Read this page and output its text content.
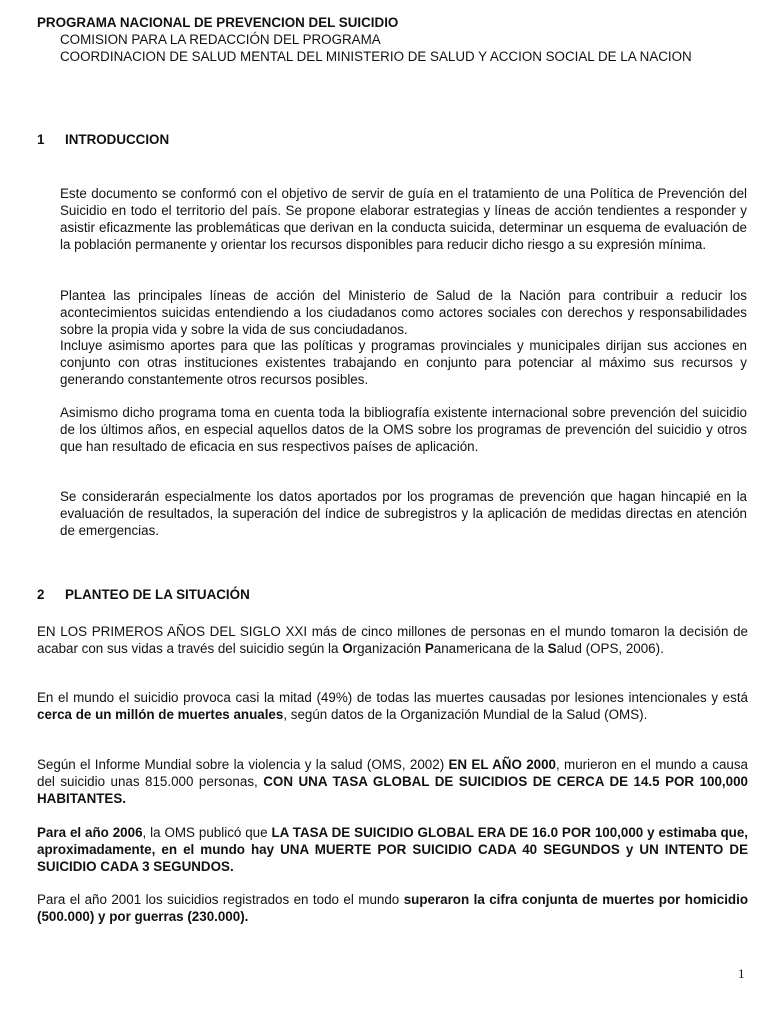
PROGRAMA NACIONAL DE PREVENCION DEL SUICIDIO
COMISION PARA LA REDACCIÓN DEL PROGRAMA
COORDINACION DE SALUD MENTAL DEL MINISTERIO DE SALUD Y ACCION SOCIAL DE LA NACION
1 INTRODUCCION

Este documento se conformó con el objetivo de servir de guía en el tratamiento de una Política de Prevención del Suicidio en todo el territorio del país. Se propone elaborar estrategias y líneas de acción tendientes a responder y asistir eficazmente las problemáticas que derivan en la conducta suicida, determinar un esquema de evaluación de la población permanente y orientar los recursos disponibles para reducir dicho riesgo a su expresión mínima.

Plantea las principales líneas de acción del Ministerio de Salud de la Nación para contribuir a reducir los acontecimientos suicidas entendiendo a los ciudadanos como actores sociales con derechos y responsabilidades sobre la propia vida y sobre la vida de sus conciudadanos.

Incluye asimismo aportes para que las políticas y programas provinciales y municipales dirijan sus acciones en conjunto con otras instituciones existentes trabajando en conjunto para potenciar al máximo sus recursos y generando constantemente otros recursos posibles.

Asimismo dicho programa toma en cuenta toda la bibliografía existente internacional sobre prevención del suicidio de los últimos años, en especial aquellos datos de la OMS sobre los programas de prevención del suicidio y otros que han resultado de eficacia en sus respectivos países de aplicación.

Se considerarán especialmente los datos aportados por los programas de prevención que hagan hincapié en la evaluación de resultados, la superación del índice de subregistros y la aplicación de medidas directas en atención de emergencias.

2 PLANTEO DE LA SITUACIÓN

EN LOS PRIMEROS AÑOS DEL SIGLO XXI más de cinco millones de personas en el mundo tomaron la decisión de acabar con sus vidas a través del suicidio según la Organización Panamericana de la Salud (OPS, 2006).

En el mundo el suicidio provoca casi la mitad (49%) de todas las muertes causadas por lesiones intencionales y está cerca de un millón de muertes anuales, según datos de la Organización Mundial de la Salud (OMS).

Según el Informe Mundial sobre la violencia y la salud (OMS, 2002) EN EL AÑO 2000, murieron en el mundo a causa del suicidio unas 815.000 personas, CON UNA TASA GLOBAL DE SUICIDIOS DE CERCA DE 14.5 POR 100,000 HABITANTES.

Para el año 2006, la OMS publicó que LA TASA DE SUICIDIO GLOBAL ERA DE 16.0 POR 100,000 y estimaba que, aproximadamente, en el mundo hay UNA MUERTE POR SUICIDIO CADA 40 SEGUNDOS y UN INTENTO DE SUICIDIO CADA 3 SEGUNDOS.

Para el año 2001 los suicidios registrados en todo el mundo superaron la cifra conjunta de muertes por homicidio (500.000) y por guerras (230.000).

1
